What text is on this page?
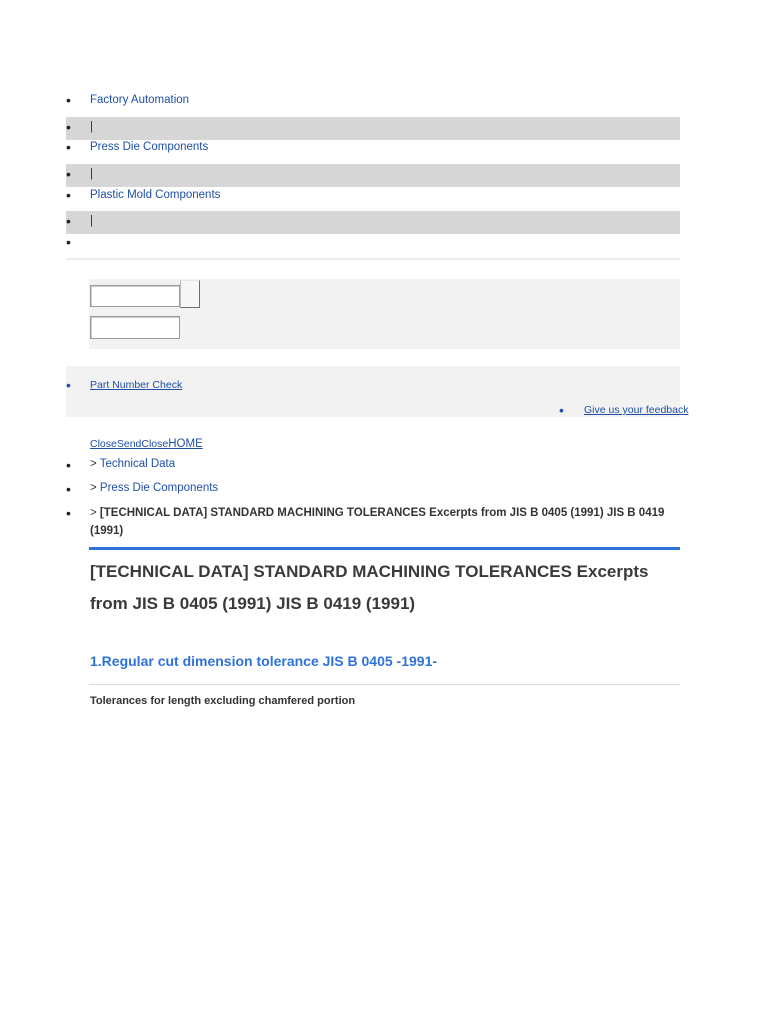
• Factory Automation
• |
• Press Die Components
• |
• Plastic Mold Components
• |
•
• Part Number Check
• Give us your feedback
CloseSendCloseHOME
• > Technical Data
• > Press Die Components
• > [TECHNICAL DATA] STANDARD MACHINING TOLERANCES Excerpts from JIS B 0405 (1991) JIS B 0419 (1991)
[TECHNICAL DATA] STANDARD MACHINING TOLERANCES Excerpts from JIS B 0405 (1991) JIS B 0419 (1991)
1.Regular cut dimension tolerance JIS B 0405 -1991-
Tolerances for length excluding chamfered portion
